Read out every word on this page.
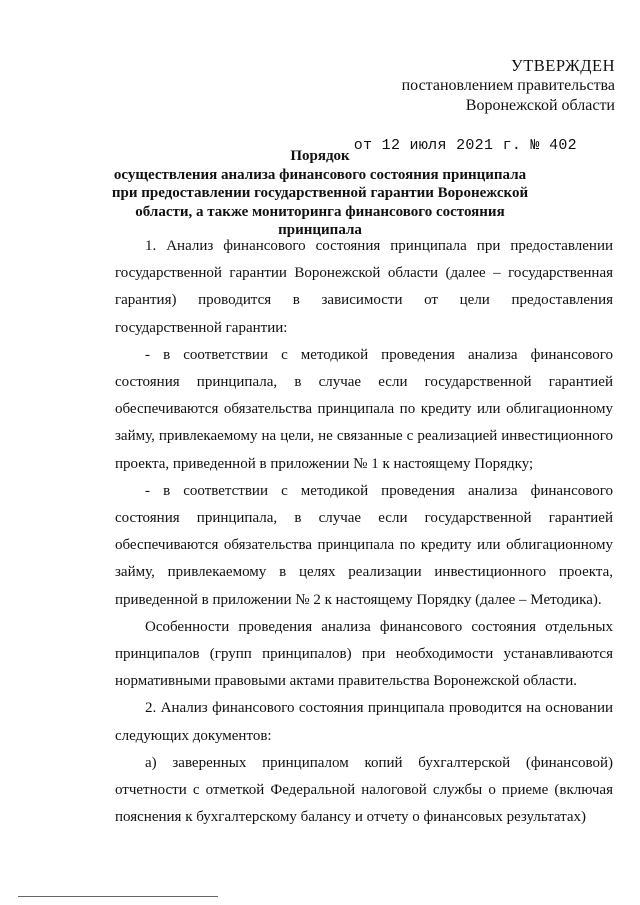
УТВЕРЖДЕН
постановлением правительства
Воронежской области
от 12 июля 2021 г. № 402
Порядок
осуществления анализа финансового состояния принципала при предоставлении государственной гарантии Воронежской области, а также мониторинга финансового состояния принципала

1. Анализ финансового состояния принципала при предоставлении государственной гарантии Воронежской области (далее – государственная гарантия) проводится в зависимости от цели предоставления государственной гарантии:

- в соответствии с методикой проведения анализа финансового состояния принципала, в случае если государственной гарантией обеспечиваются обязательства принципала по кредиту или облигационному займу, привлекаемому на цели, не связанные с реализацией инвестиционного проекта, приведенной в приложении № 1 к настоящему Порядку;

- в соответствии с методикой проведения анализа финансового состояния принципала, в случае если государственной гарантией обеспечиваются обязательства принципала по кредиту или облигационному займу, привлекаемому в целях реализации инвестиционного проекта, приведенной в приложении № 2 к настоящему Порядку (далее – Методика).

Особенности проведения анализа финансового состояния отдельных принципалов (групп принципалов) при необходимости устанавливаются нормативными правовыми актами правительства Воронежской области.

2. Анализ финансового состояния принципала проводится на основании следующих документов:

а) заверенных принципалом копий бухгалтерской (финансовой) отчетности с отметкой Федеральной налоговой службы о приеме (включая пояснения к бухгалтерскому балансу и отчету о финансовых результатах)
